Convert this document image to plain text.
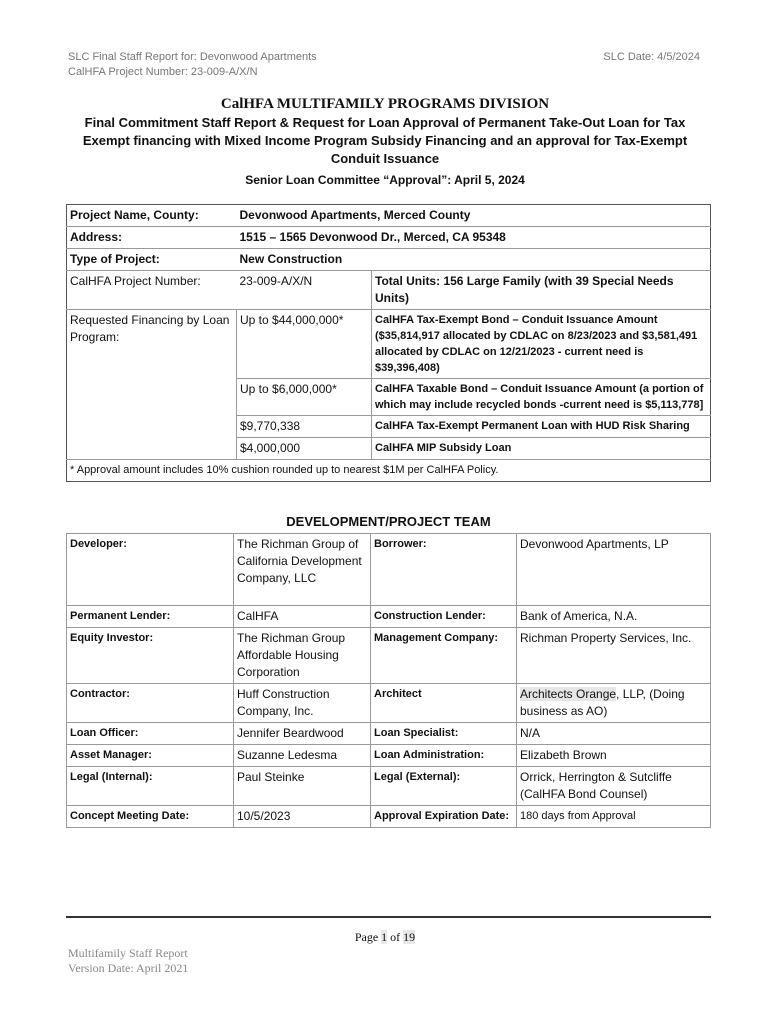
SLC Final Staff Report for: Devonwood Apartments
CalHFA Project Number: 23-009-A/X/N
SLC Date: 4/5/2024
CalHFA MULTIFAMILY PROGRAMS DIVISION
Final Commitment Staff Report & Request for Loan Approval of Permanent Take-Out Loan for Tax Exempt financing with Mixed Income Program Subsidy Financing and an approval for Tax-Exempt Conduit Issuance
Senior Loan Committee “Approval”: April 5, 2024
Project Name, County:	Devonwood Apartments, Merced County	
Address:	1515 – 1565 Devonwood Dr., Merced, CA 95348	
Type of Project:	New Construction	
CalHFA Project Number:	23-009-A/X/N	Total Units: 156 Large Family (with 39 Special Needs Units)
Requested Financing by Loan Program:	Up to $44,000,000*	CalHFA Tax-Exempt Bond – Conduit Issuance Amount ($35,814,917 allocated by CDLAC on 8/23/2023 and $3,581,491 allocated by CDLAC on 12/21/2023 - current need is $39,396,408)
	Up to $6,000,000*	CalHFA Taxable Bond – Conduit Issuance Amount (a portion of which may include recycled bonds -current need is $5,113,778]
	$9,770,338	CalHFA Tax-Exempt Permanent Loan with HUD Risk Sharing
	$4,000,000	CalHFA MIP Subsidy Loan
* Approval amount includes 10% cushion rounded up to nearest $1M per CalHFA Policy.		
DEVELOPMENT/PROJECT TEAM
Developer:	The Richman Group of California Development Company, LLC	Borrower:	Devonwood Apartments, LP
Permanent Lender:	CalHFA	Construction Lender:	Bank of America, N.A.
Equity Investor:	The Richman Group Affordable Housing Corporation	Management Company:	Richman Property Services, Inc.
Contractor:	Huff Construction Company, Inc.	Architect	Architects Orange, LLP, (Doing business as AO)
Loan Officer:	Jennifer Beardwood	Loan Specialist:	N/A
Asset Manager:	Suzanne Ledesma	Loan Administration:	Elizabeth Brown
Legal (Internal):	Paul Steinke	Legal (External):	Orrick, Herrington & Sutcliffe (CalHFA Bond Counsel)
Concept Meeting Date:	10/5/2023	Approval Expiration Date:	180 days from Approval
Page 1 of 19
Multifamily Staff Report
Version Date: April 2021
